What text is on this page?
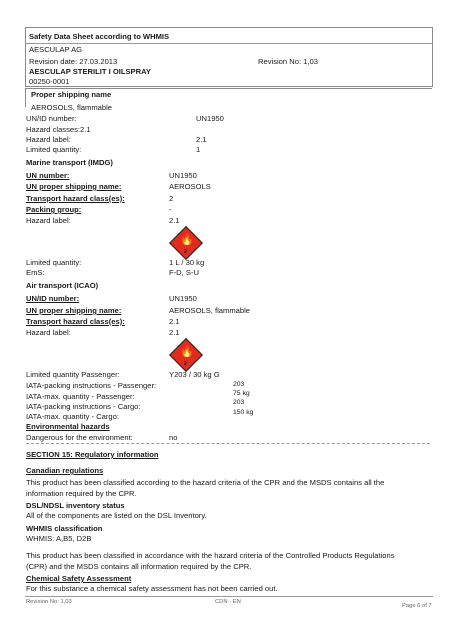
Safety Data Sheet according to WHMIS
AESCULAP AG
Revision date: 27.03.2013	Revision No: 1,03
AESCULAP STERILIT I OILSPRAY
00250-0001
Proper shipping name
AEROSOLS, flammable
UN/ID number:	UN1950
Hazard classes:2.1
Hazard label:	2.1
Limited quantity:	1
Marine transport (IMDG)
UN number:	UN1950
UN proper shipping name:	AEROSOLS
Transport hazard class(es):	2
Packing group:	-
Hazard label:	2.1
🔥
2
Limited quantity:	1 L / 30 kg
EmS:	F-D, S-U
Air transport (ICAO)
UN/ID number:	UN1950
UN proper shipping name:	AEROSOLS, flammable
Transport hazard class(es):	2.1
Hazard label:	2.1
🔥
2
Limited quantity Passenger:	Y203 / 30 kg G
IATA-packing instructions - Passenger:	203
IATA-max. quantity - Passenger:	75 kg
IATA-packing instructions - Cargo:	203
IATA-max. quantity - Cargo:	150 kg
Environmental hazards
Dangerous for the environment:	no
SECTION 15: Regulatory information
Canadian regulations
This product has been classified according to the hazard criteria of the CPR and the MSDS contains all the
information required by the CPR.
DSL/NDSL inventory status
All of the components are listed on the DSL Inventory.
WHMIS classification
WHMIS: A,B5, D2B
This product has been classified in accordance with the hazard criteria of the Controlled Products Regulations
(CPR) and the MSDS contains all information required by the CPR.
Chemical Safety Assessment
For this substance a chemical safety assessment has not been carried out.
Revision No: 1,03	CDN - EN
Page 6 of 7
